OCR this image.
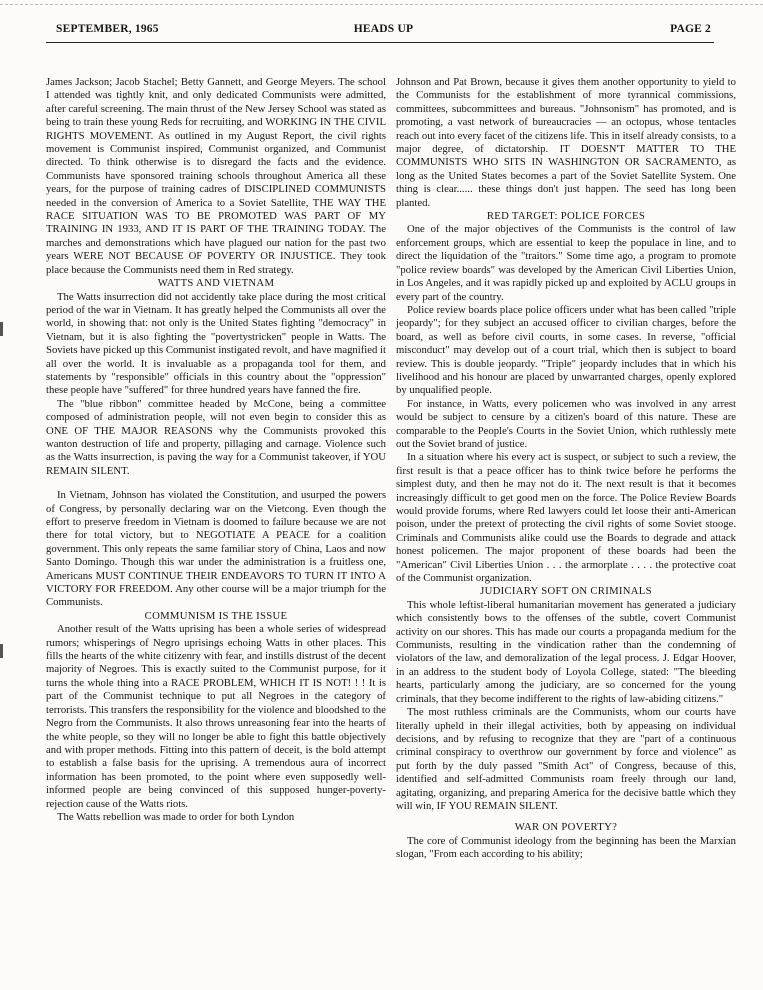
SEPTEMBER, 1965	HEADS UP	PAGE 2

James Jackson; Jacob Stachel; Betty Gannett, and George Meyers. The school I attended was tightly knit, and only dedicated Communists were admitted, after careful screening. The main thrust of the New Jersey School was stated as being to train these young Reds for recruiting, and WORKING IN THE CIVIL RIGHTS MOVEMENT. As outlined in my August Report, the civil rights movement is Communist inspired, Communist organized, and Communist directed. To think otherwise is to disregard the facts and the evidence. Communists have sponsored training schools throughout America all these years, for the purpose of training cadres of DISCIPLINED COMMUNISTS needed in the conversion of America to a Soviet Satellite, THE WAY THE RACE SITUATION WAS TO BE PROMOTED WAS PART OF MY TRAINING IN 1933, AND IT IS PART OF THE TRAINING TODAY. The marches and demonstrations which have plagued our nation for the past two years WERE NOT BECAUSE OF POVERTY OR INJUSTICE. They took place because the Communists need them in Red strategy.

WATTS AND VIETNAM

The Watts insurrection did not accidently take place during the most critical period of the war in Vietnam. It has greatly helped the Communists all over the world, in showing that: not only is the United States fighting "democracy" in Vietnam, but it is also fighting the "povertystricken" people in Watts. The Soviets have picked up this Communist instigated revolt, and have magnified it all over the world. It is invaluable as a propaganda tool for them, and statements by "responsible" officials in this country about the "oppression" these people have "suffered" for three hundred years have fanned the fire.

The "blue ribbon" committee headed by McCone, being a committee composed of administration people, will not even begin to consider this as ONE OF THE MAJOR REASONS why the Communists provoked this wanton destruction of life and property, pillaging and carnage. Violence such as the Watts insurrection, is paving the way for a Communist takeover, if YOU REMAIN SILENT.

In Vietnam, Johnson has violated the Constitution, and usurped the powers of Congress, by personally declaring war on the Vietcong. Even though the effort to preserve freedom in Vietnam is doomed to failure because we are not there for total victory, but to NEGOTIATE A PEACE for a coalition government. This only repeats the same familiar story of China, Laos and now Santo Domingo. Though this war under the administration is a fruitless one, Americans MUST CONTINUE THEIR ENDEAVORS TO TURN IT INTO A VICTORY FOR FREEDOM. Any other course will be a major triumph for the Communists.

COMMUNISM IS THE ISSUE

Another result of the Watts uprising has been a whole series of widespread rumors; whisperings of Negro uprisings echoing Watts in other places. This fills the hearts of the white citizenry with fear, and instills distrust of the decent majority of Negroes. This is exactly suited to the Communist purpose, for it turns the whole thing into a RACE PROBLEM, WHICH IT IS NOT! ! ! It is part of the Communist technique to put all Negroes in the category of terrorists. This transfers the responsibility for the violence and bloodshed to the Negro from the Communists. It also throws unreasoning fear into the hearts of the white people, so they will no longer be able to fight this battle objectively and with proper methods. Fitting into this pattern of deceit, is the bold attempt to establish a false basis for the uprising. A tremendous aura of incorrect information has been promoted, to the point where even supposedly well-informed people are being convinced of this supposed hunger-poverty-rejection cause of the Watts riots.

The Watts rebellion was made to order for both Lyndon

Johnson and Pat Brown, because it gives them another opportunity to yield to the Communists for the establishment of more tyrannical commissions, committees, subcommittees and bureaus. "Johnsonism" has promoted, and is promoting, a vast network of bureaucracies — an octopus, whose tentacles reach out into every facet of the citizens life. This in itself already consists, to a major degree, of dictatorship. IT DOESN'T MATTER TO THE COMMUNISTS WHO SITS IN WASHINGTON OR SACRAMENTO, as long as the United States becomes a part of the Soviet Satellite System. One thing is clear...... these things don't just happen. The seed has long been planted.

RED TARGET: POLICE FORCES

One of the major objectives of the Communists is the control of law enforcement groups, which are essential to keep the populace in line, and to direct the liquidation of the "traitors." Some time ago, a program to promote "police review boards" was developed by the American Civil Liberties Union, in Los Angeles, and it was rapidly picked up and exploited by ACLU groups in every part of the country.

Police review boards place police officers under what has been called "triple jeopardy"; for they subject an accused officer to civilian charges, before the board, as well as before civil courts, in some cases. In reverse, "official misconduct" may develop out of a court trial, which then is subject to board review. This is double jeopardy. "Triple" jeopardy includes that in which his livelihood and his honour are placed by unwarranted charges, openly explored by unqualified people.

For instance, in Watts, every policemen who was involved in any arrest would be subject to censure by a citizen's board of this nature. These are comparable to the People's Courts in the Soviet Union, which ruthlessly mete out the Soviet brand of justice.

In a situation where his every act is suspect, or subject to such a review, the first result is that a peace officer has to think twice before he performs the simplest duty, and then he may not do it. The next result is that it becomes increasingly difficult to get good men on the force. The Police Review Boards would provide forums, where Red lawyers could let loose their anti-American poison, under the pretext of protecting the civil rights of some Soviet stooge. Criminals and Communists alike could use the Boards to degrade and attack honest policemen. The major proponent of these boards had been the "American" Civil Liberties Union . . . the armorplate . . . . the protective coat of the Communist organization.

JUDICIARY SOFT ON CRIMINALS

This whole leftist-liberal humanitarian movement has generated a judiciary which consistently bows to the offenses of the subtle, covert Communist activity on our shores. This has made our courts a propaganda medium for the Communists, resulting in the vindication rather than the condemning of violators of the law, and demoralization of the legal process. J. Edgar Hoover, in an address to the student body of Loyola College, stated: "The bleeding hearts, particularly among the judiciary, are so concerned for the young criminals, that they become indifferent to the rights of law-abiding citizens."

The most ruthless criminals are the Communists, whom our courts have literally upheld in their illegal activities, both by appeasing on individual decisions, and by refusing to recognize that they are "part of a continuous criminal conspiracy to overthrow our government by force and violence" as put forth by the duly passed "Smith Act" of Congress, because of this, identified and self-admitted Communists roam freely through our land, agitating, organizing, and preparing America for the decisive battle which they will win, IF YOU REMAIN SILENT.

WAR ON POVERTY?

The core of Communist ideology from the beginning has been the Marxian slogan, "From each according to his ability;
